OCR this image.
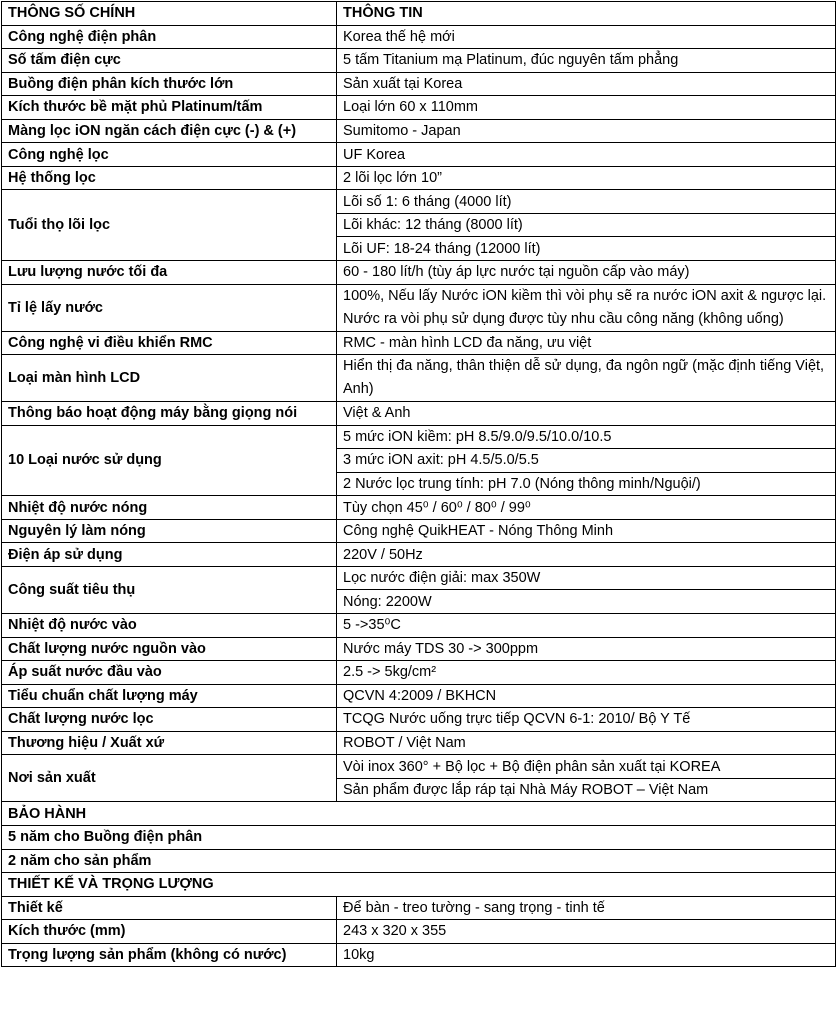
THÔNG SỐ CHÍNH	THÔNG TIN
Công nghệ điện phân	Korea thế hệ mới
Số tấm điện cực	5 tấm Titanium mạ Platinum, đúc nguyên tấm phẳng
Buồng điện phân kích thước lớn	Sản xuất tại Korea
Kích thước bề mặt phủ Platinum/tấm	Loại lớn 60 x 110mm
Màng lọc iON ngăn cách điện cực (-) & (+)	Sumitomo - Japan
Công nghệ lọc	UF Korea
Hệ thống lọc	2 lõi lọc lớn 10”
Tuổi thọ lõi lọc	Lõi số 1: 6 tháng (4000 lít)
	Lõi khác: 12 tháng (8000 lít)
	Lõi UF: 18-24 tháng (12000 lít)
Lưu lượng nước tối đa	60 - 180 lít/h (tùy áp lực nước tại nguồn cấp vào máy)
Tỉ lệ lấy nước	100%, Nếu lấy Nước iON kiềm thì vòi phụ sẽ ra nước iON axit & ngược lại. Nước ra vòi phụ sử dụng được tùy nhu cầu công năng (không uống)
Công nghệ vi điều khiển RMC	RMC - màn hình LCD đa năng, ưu việt
Loại màn hình LCD	Hiển thị đa năng, thân thiện dễ sử dụng, đa ngôn ngữ (mặc định tiếng Việt, Anh)
Thông báo hoạt động máy bằng giọng nói	Việt & Anh
10 Loại nước sử dụng	5 mức iON kiềm: pH 8.5/9.0/9.5/10.0/10.5
	3 mức iON axit: pH 4.5/5.0/5.5
	2 Nước lọc trung tính: pH 7.0 (Nóng thông minh/Nguội/)
Nhiệt độ nước nóng	Tùy chọn 45⁰ / 60⁰ / 80⁰ / 99⁰
Nguyên lý làm nóng	Công nghệ QuikHEAT - Nóng Thông Minh
Điện áp sử dụng	220V / 50Hz
Công suất tiêu thụ	Lọc nước điện giải: max 350W
	Nóng: 2200W
Nhiệt độ nước vào	5 ->35⁰C
Chất lượng nước nguồn vào	Nước máy TDS 30 -> 300ppm
Áp suất nước đầu vào	2.5 -> 5kg/cm²
Tiểu chuẩn chất lượng máy	QCVN 4:2009 / BKHCN
Chất lượng nước lọc	TCQG Nước uống trực tiếp QCVN 6-1: 2010/ Bộ Y Tế
Thương hiệu / Xuất xứ	ROBOT / Việt Nam
Nơi sản xuất	Vòi inox 360° + Bộ lọc + Bộ điện phân sản xuất tại KOREA
	Sản phẩm được lắp ráp tại Nhà Máy ROBOT – Việt Nam
BẢO HÀNH	
5 năm cho Buồng điện phân	
2 năm cho sản phẩm	
THIẾT KẾ VÀ TRỌNG LƯỢNG	
Thiết kế	Để bàn - treo tường - sang trọng - tinh tế
Kích thước (mm)	243 x 320 x 355
Trọng lượng sản phẩm (không có nước)	10kg
